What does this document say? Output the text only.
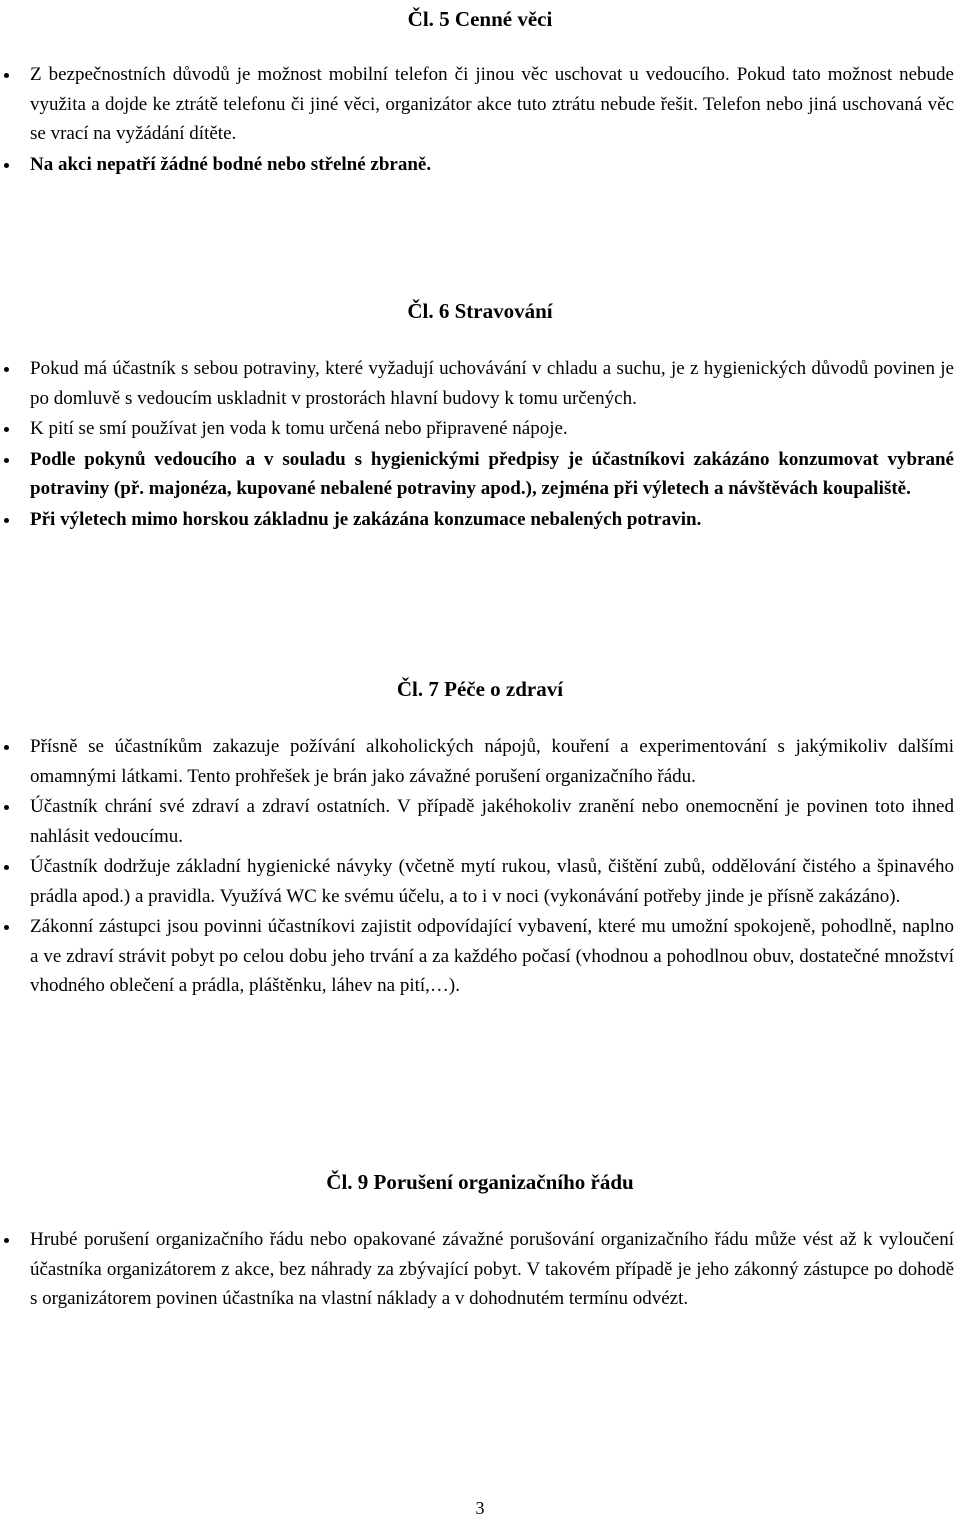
Čl. 5 Cenné věci
Z bezpečnostních důvodů je možnost mobilní telefon či jinou věc uschovat u vedoucího. Pokud tato možnost nebude využita a dojde ke ztrátě telefonu či jiné věci, organizátor akce tuto ztrátu nebude řešit. Telefon nebo jiná uschovaná věc se vrací na vyžádání dítěte.
Na akci nepatří žádné bodné nebo střelné zbraně.
Čl. 6 Stravování
Pokud má účastník s sebou potraviny, které vyžadují uchovávání v chladu a suchu, je z hygienických důvodů povinen je po domluvě s vedoucím uskladnit v prostorách hlavní budovy k tomu určených.
K pití se smí používat jen voda k tomu určená nebo připravené nápoje.
Podle pokynů vedoucího a v souladu s hygienickými předpisy je účastníkovi zakázáno konzumovat vybrané potraviny (př. majonéza, kupované nebalené potraviny apod.), zejména při výletech a návštěvách koupaliště.
Při výletech mimo horskou základnu je zakázána konzumace nebalených potravin.
Čl. 7 Péče o zdraví
Přísně se účastníkům zakazuje požívání alkoholických nápojů, kouření a experimentování s jakýmikoliv dalšími omamnými látkami. Tento prohřešek je brán jako závažné porušení organizačního řádu.
Účastník chrání své zdraví a zdraví ostatních. V případě jakéhokoliv zranění nebo onemocnění je povinen toto ihned nahlásit vedoucímu.
Účastník dodržuje základní hygienické návyky (včetně mytí rukou, vlasů, čištění zubů, oddělování čistého a špinavého prádla apod.) a pravidla. Využívá WC ke svému účelu, a to i v noci (vykonávání potřeby jinde je přísně zakázáno).
Zákonní zástupci jsou povinni účastníkovi zajistit odpovídající vybavení, které mu umožní spokojeně, pohodlně, naplno a ve zdraví strávit pobyt po celou dobu jeho trvání a za každého počasí (vhodnou a pohodlnou obuv, dostatečné množství vhodného oblečení a prádla, pláštěnku, láhev na pití,…).
Čl. 9 Porušení organizačního řádu
Hrubé porušení organizačního řádu nebo opakované závažné porušování organizačního řádu může vést až k vyloučení účastníka organizátorem z akce, bez náhrady za zbývající pobyt. V takovém případě je jeho zákonný zástupce po dohodě s organizátorem povinen účastníka na vlastní náklady a v dohodnutém termínu odvézt.
3
